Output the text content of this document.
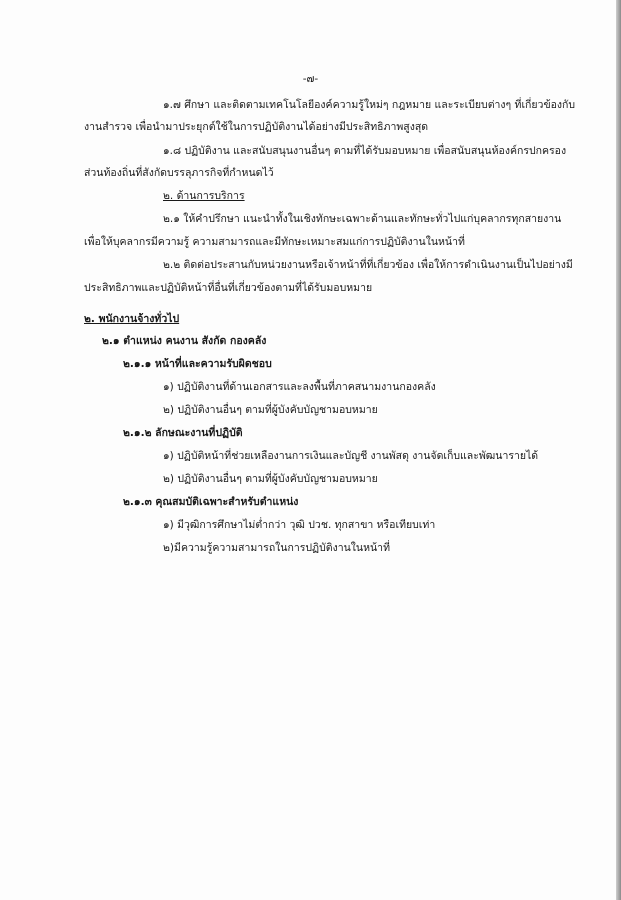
-๗-
๑.๗ ศึกษา และติดตามเทคโนโลยีองค์ความรู้ใหม่ๆ กฎหมาย และระเบียบต่างๆ ที่เกี่ยวข้องกับ
งานสำรวจ เพื่อนำมาประยุกต์ใช้ในการปฏิบัติงานได้อย่างมีประสิทธิภาพสูงสุด
๑.๘ ปฏิบัติงาน และสนับสนุนงานอื่นๆ ตามที่ได้รับมอบหมาย เพื่อสนับสนุนห้องค์กรปกครอง
ส่วนท้องถิ่นที่สังกัดบรรลุภารกิจที่กำหนดไว้
๒. ด้านการบริการ
๒.๑ ให้คำปรึกษา แนะนำทั้งในเชิงทักษะเฉพาะด้านและทักษะทั่วไปแก่บุคลากรทุกสายงาน
เพื่อให้บุคลากรมีความรู้ ความสามารถและมีทักษะเหมาะสมแก่การปฏิบัติงานในหน้าที่
๒.๒ ติดต่อประสานกับหน่วยงานหรือเจ้าหน้าที่ที่เกี่ยวข้อง เพื่อให้การดำเนินงานเป็นไปอย่างมี
ประสิทธิภาพและปฏิบัติหน้าที่อื่นที่เกี่ยวข้องตามที่ได้รับมอบหมาย
๒. พนักงานจ้างทั่วไป
๒.๑ ตำแหน่ง คนงาน สังกัด กองคลัง
๒.๑.๑ หน้าที่และความรับผิดชอบ
๑) ปฏิบัติงานที่ด้านเอกสารและลงพื้นที่ภาคสนามงานกองคลัง
๒) ปฏิบัติงานอื่นๆ ตามที่ผู้บังคับบัญชามอบหมาย
๒.๑.๒ ลักษณะงานที่ปฏิบัติ
๑) ปฏิบัติหน้าที่ช่วยเหลืองานการเงินและบัญชี งานพัสดุ งานจัดเก็บและพัฒนารายได้
๒) ปฏิบัติงานอื่นๆ ตามที่ผู้บังคับบัญชามอบหมาย
๒.๑.๓ คุณสมบัติเฉพาะสำหรับตำแหน่ง
๑) มีวุฒิการศึกษาไม่ต่ำกว่า วุฒิ ปวช. ทุกสาขา หรือเทียบเท่า
๒)มีความรู้ความสามารถในการปฏิบัติงานในหน้าที่
